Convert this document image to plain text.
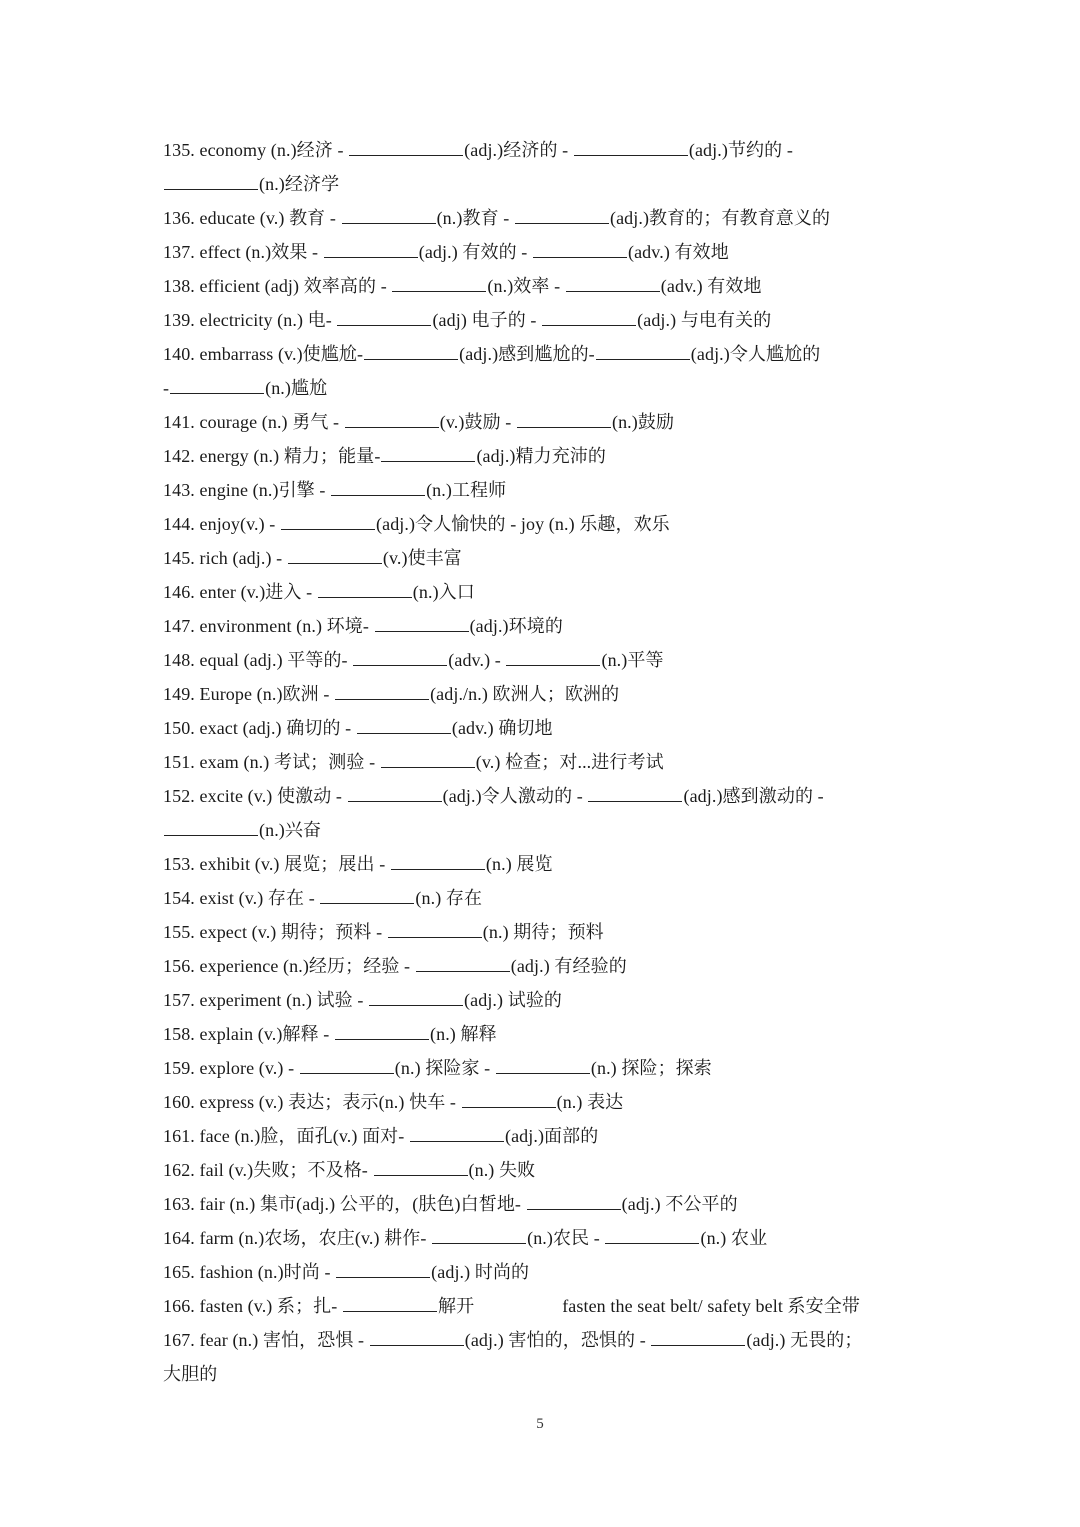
135. economy (n.)经济 -	(adj.)经济的 -	(adj.)节约的 -
(n.)经济学
136. educate (v.) 教育 -	(n.)教育 -	(adj.)教育的；有教育意义的
137. effect (n.)效果 -	(adj.) 有效的 -	(adv.) 有效地
138. efficient (adj) 效率高的 -	(n.)效率 -	(adv.) 有效地
139. electricity (n.) 电-	(adj) 电子的 -	(adj.) 与电有关的
140. embarrass (v.)使尴尬-	(adj.)感到尴尬的-	(adj.)令人尴尬的
-	(n.)尴尬
141. courage (n.) 勇气 -	(v.)鼓励 -	(n.)鼓励
142. energy (n.) 精力；能量-	(adj.)精力充沛的
143. engine (n.)引擎 -	(n.)工程师
144. enjoy(v.) -	(adj.)令人愉快的 - joy (n.) 乐趣，欢乐
145. rich (adj.) -	(v.)使丰富
146. enter (v.)进入 -	(n.)入口
147. environment (n.) 环境-	(adj.)环境的
148. equal (adj.) 平等的-	(adv.) -	(n.)平等
149. Europe (n.)欧洲 -	(adj./n.) 欧洲人；欧洲的
150. exact (adj.) 确切的 -	(adv.) 确切地
151. exam (n.) 考试；测验 -	(v.) 检查；对...进行考试
152. excite (v.) 使激动 -	(adj.)令人激动的 -	(adj.)感到激动的 -
(n.)兴奋
153. exhibit (v.) 展览；展出 -	(n.) 展览
154. exist (v.) 存在 -	(n.) 存在
155. expect (v.) 期待；预料 -	(n.) 期待；预料
156. experience (n.)经历；经验 -	(adj.) 有经验的
157. experiment (n.) 试验 -	(adj.) 试验的
158. explain (v.)解释 -	(n.) 解释
159. explore (v.) -	(n.) 探险家 -	(n.) 探险；探索
160. express (v.) 表达；表示(n.) 快车 -	(n.) 表达
161. face (n.)脸，面孔(v.) 面对-	(adj.)面部的
162. fail (v.)失败；不及格-	(n.) 失败
163. fair (n.) 集市(adj.) 公平的，(肤色)白皙地-	(adj.) 不公平的
164. farm (n.)农场，农庄(v.) 耕作-	(n.)农民 -	(n.) 农业
165. fashion (n.)时尚 -	(adj.) 时尚的
166. fasten (v.) 系；扎-	解开	fasten the seat belt/ safety belt 系安全带
167. fear (n.) 害怕，恐惧 -	(adj.) 害怕的，恐惧的 -	(adj.) 无畏的；
大胆的
5
